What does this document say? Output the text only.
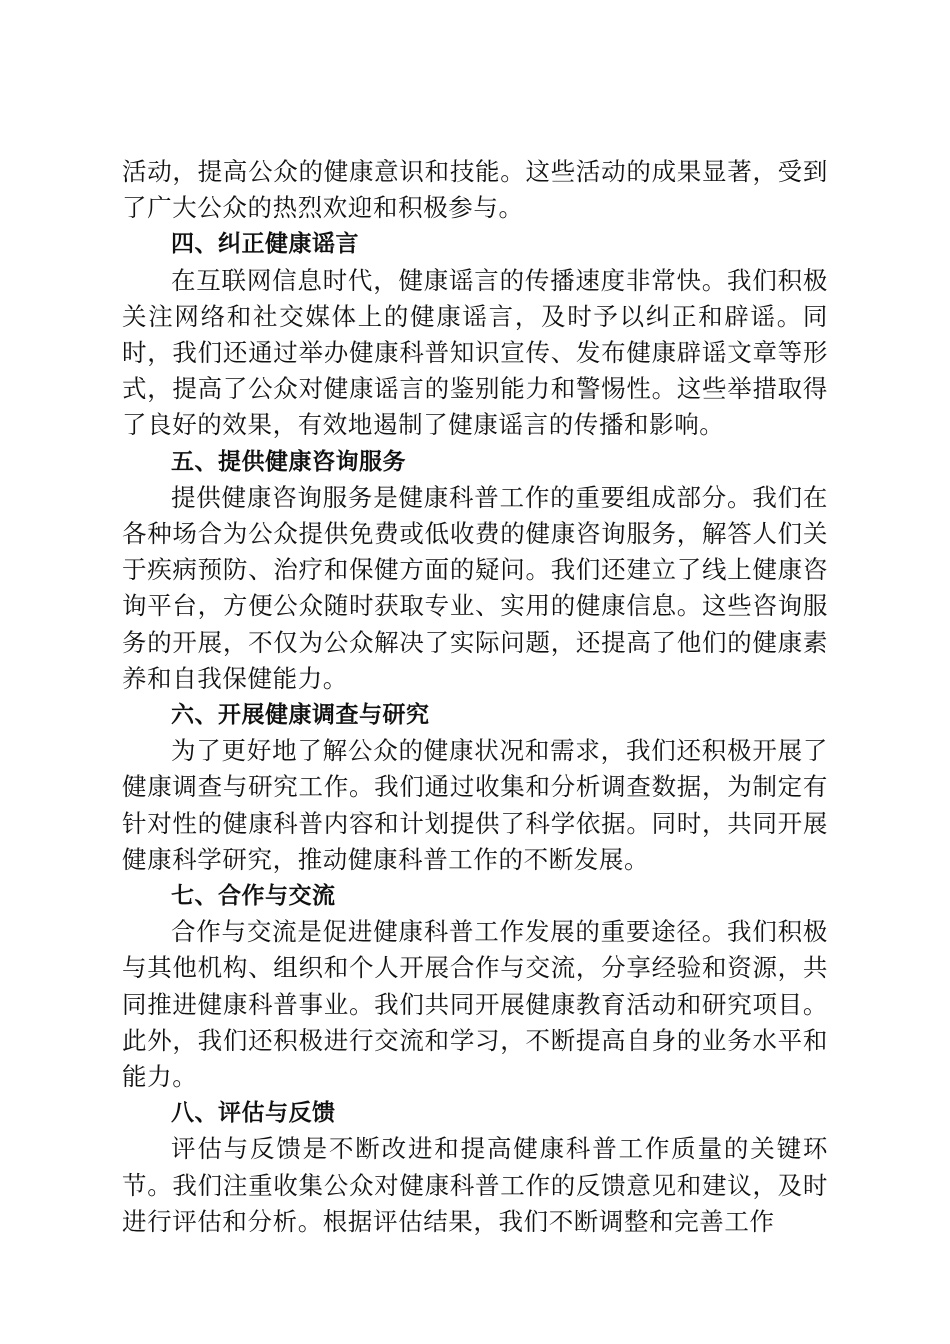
活动，提高公众的健康意识和技能。这些活动的成果显著，受到了广大公众的热烈欢迎和积极参与。

四、纠正健康谣言

在互联网信息时代，健康谣言的传播速度非常快。我们积极关注网络和社交媒体上的健康谣言，及时予以纠正和辟谣。同时，我们还通过举办健康科普知识宣传、发布健康辟谣文章等形式，提高了公众对健康谣言的鉴别能力和警惕性。这些举措取得了良好的效果，有效地遏制了健康谣言的传播和影响。

五、提供健康咨询服务

提供健康咨询服务是健康科普工作的重要组成部分。我们在各种场合为公众提供免费或低收费的健康咨询服务，解答人们关于疾病预防、治疗和保健方面的疑问。我们还建立了线上健康咨询平台，方便公众随时获取专业、实用的健康信息。这些咨询服务的开展，不仅为公众解决了实际问题，还提高了他们的健康素养和自我保健能力。

六、开展健康调查与研究

为了更好地了解公众的健康状况和需求，我们还积极开展了健康调查与研究工作。我们通过收集和分析调查数据，为制定有针对性的健康科普内容和计划提供了科学依据。同时，共同开展健康科学研究，推动健康科普工作的不断发展。

七、合作与交流

合作与交流是促进健康科普工作发展的重要途径。我们积极与其他机构、组织和个人开展合作与交流，分享经验和资源，共同推进健康科普事业。我们共同开展健康教育活动和研究项目。此外，我们还积极进行交流和学习，不断提高自身的业务水平和能力。

八、评估与反馈

评估与反馈是不断改进和提高健康科普工作质量的关键环节。我们注重收集公众对健康科普工作的反馈意见和建议，及时进行评估和分析。根据评估结果，我们不断调整和完善工作
